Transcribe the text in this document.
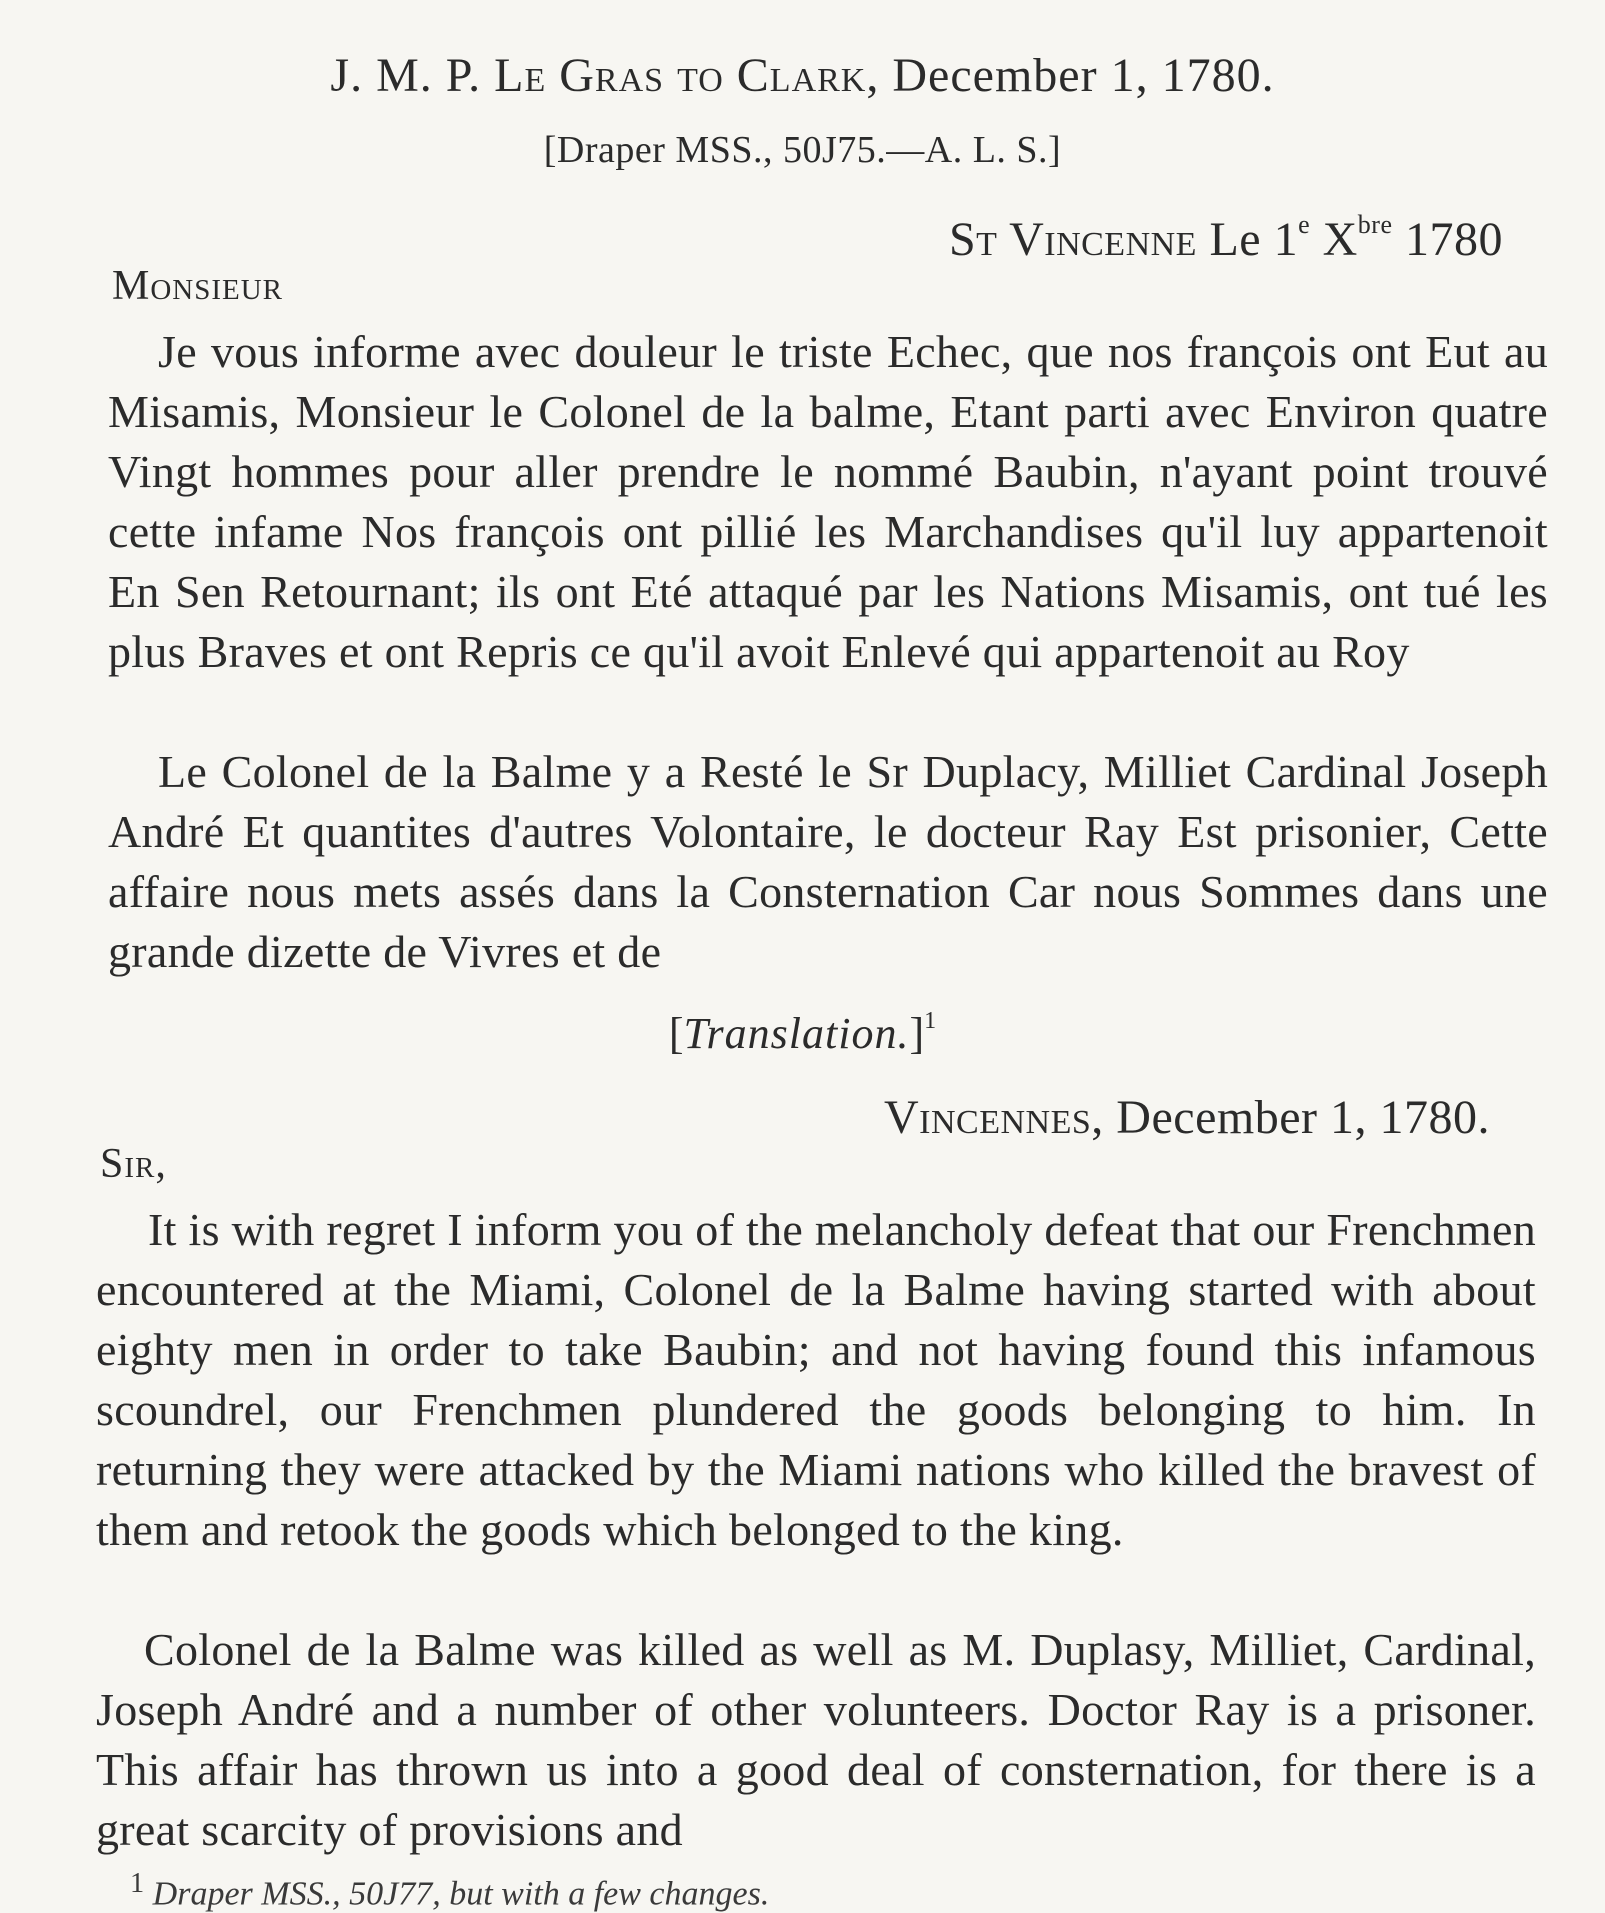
J. M. P. Le Gras to Clark, December 1, 1780.
[Draper MSS., 50J75.—A. L. S.]
St Vincenne Le 1e $X^{bre}$ 1780
Monsieur

Je vous informe avec douleur le triste Echec, que nos françois ont Eut au Misamis, Monsieur le Colonel de la balme, Etant parti avec Environ quatre Vingt hommes pour aller prendre le nommé Baubin, n'ayant point trouvé cette infame Nos françois ont pillié les Marchandises qu'il luy appartenoit En Sen Retournant; ils ont Eté attaqué par les Nations Misamis, ont tué les plus Braves et ont Repris ce qu'il avoit Enlevé qui appartenoit au Roy

Le Colonel de la Balme y a Resté le Sr Duplacy, Milliet Cardinal Joseph André Et quantites d'autres Volontaire, le docteur Ray Est prisonier, Cette affaire nous mets assés dans la Consternation Car nous Sommes dans une grande dizette de Vivres et de

[Translation.]$^1$
Vincennes, December 1, 1780.
Sir,

It is with regret I inform you of the melancholy defeat that our Frenchmen encountered at the Miami, Colonel de la Balme having started with about eighty men in order to take Baubin; and not having found this infamous scoundrel, our Frenchmen plundered the goods belonging to him. In returning they were attacked by the Miami nations who killed the bravest of them and retook the goods which belonged to the king.

Colonel de la Balme was killed as well as M. Duplasy, Milliet, Cardinal, Joseph André and a number of other volunteers. Doctor Ray is a prisoner. This affair has thrown us into a good deal of consternation, for there is a great scarcity of provisions and

$^1$ Draper MSS., 50J77, but with a few changes.
